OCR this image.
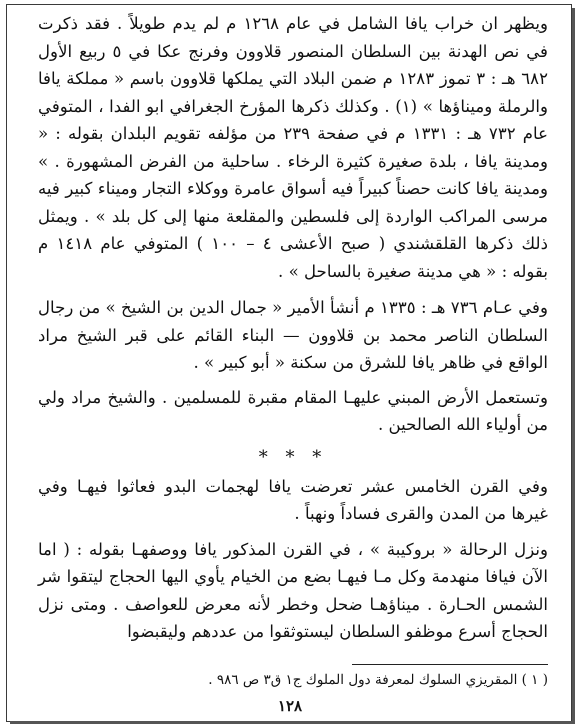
ويظهر ان خراب يافا الشامل في عام ١٢٦٨ م لم يدم طويلاً . فقد ذكرت في نص الهدنة بين السلطان المنصور قلاوون وفرنج عكا في ٥ ربيع الأول ٦٨٢ هـ : ٣ تموز ١٢٨٣ م ضمن البلاد التي يملكها قلاوون باسم « مملكة يافا والرملة وميناؤها » (١) . وكذلك ذكرها المؤرخ الجغرافي ابو الفدا ، المتوفي عام ٧٣٢ هـ : ١٣٣١ م في صفحة ٢٣٩ من مؤلفه تقويم البلدان بقوله : « ومدينة يافا ، بلدة صغيرة كثيرة الرخاء . ساحلية من الفرض المشهورة . » ومدينة يافا كانت حصناً كبيراً فيه أسواق عامرة ووكلاء التجار وميناء كبير فيه مرسى المراكب الواردة إلى فلسطين والمقلعة منها إلى كل بلد » . ويمثل ذلك ذكرها القلقشندي ( صبح الأعشى ٤ – ١٠٠ ) المتوفي عام ١٤١٨ م بقوله : « هي مدينة صغيرة بالساحل » .

وفي عـام ٧٣٦ هـ : ١٣٣٥ م أنشأ الأمير « جمال الدين بن الشيخ » من رجال السلطان الناصر محمد بن قلاوون — البناء القائم على قبر الشيخ مراد الواقع في ظاهر يافا للشرق من سكنة « أبو كبير » .

وتستعمل الأرض المبني عليهـا المقام مقبرة للمسلمين . والشيخ مراد ولي من أولياء الله الصالحين .

* * *

وفي القرن الخامس عشر تعرضت يافا لهجمات البدو فعاثوا فيهـا وفي غيرها من المدن والقرى فساداً ونهباً .

ونزل الرحالة « بروكيبة » ، في القرن المذكور يافا ووصفهـا بقوله : ( اما الآن فيافا منهدمة وكل مـا فيهـا بضع من الخيام يأوي اليها الحجاج ليتقوا شر الشمس الحـارة . ميناؤهـا ضحل وخطر لأنه معرض للعواصف . ومتى نزل الحجاج أسرع موظفو السلطان ليستوثقوا من عددهم وليقبضوا

( ١ ) المقريزي السلوك لمعرفة دول الملوك ج١ ق٣ ص ٩٨٦ .
١٢٨
